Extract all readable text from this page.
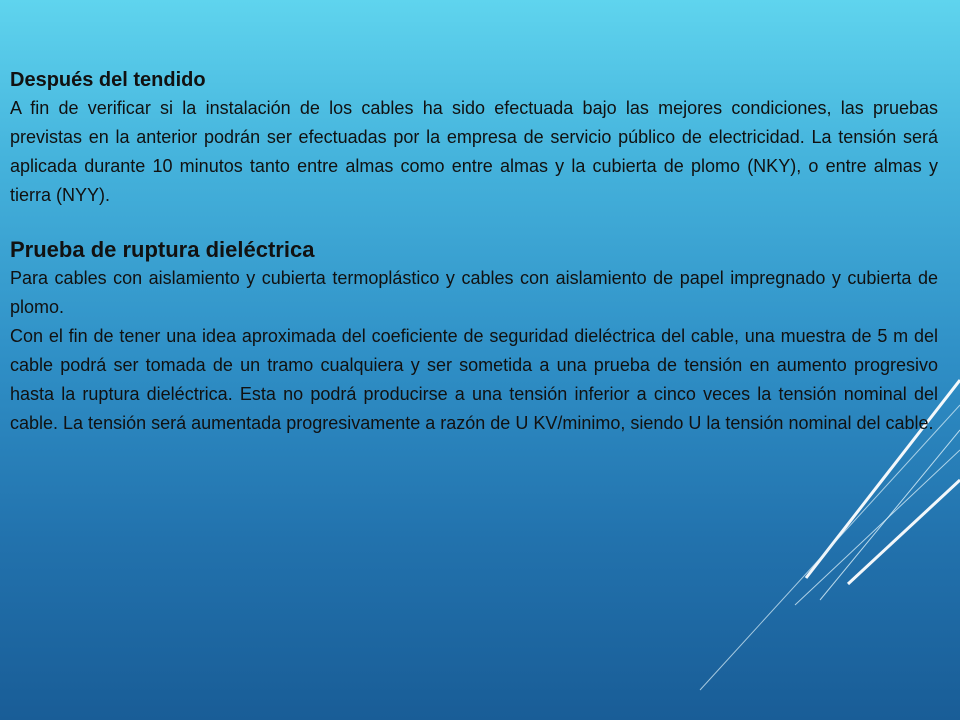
Después del tendido

A fin de verificar si la instalación de los cables ha sido efectuada bajo las mejores condiciones, las pruebas previstas en la anterior podrán ser efectuadas por la empresa de servicio público de electricidad. La tensión será aplicada durante 10 minutos tanto entre almas como entre almas y la cubierta de plomo (NKY), o entre almas y tierra (NYY).

Prueba de ruptura dieléctrica

Para cables con aislamiento y cubierta termoplástico y cables con aislamiento de papel impregnado y cubierta de plomo.

Con el fin de tener una idea aproximada del coeficiente de seguridad dieléctrica del cable, una muestra de 5 m del cable podrá ser tomada de un tramo cualquiera y ser sometida a una prueba de tensión en aumento progresivo hasta la ruptura dieléctrica. Esta no podrá producirse a una tensión inferior a cinco veces la tensión nominal del cable. La tensión será aumentada progresivamente a razón de U KV/minimo, siendo U la tensión nominal del cable.
